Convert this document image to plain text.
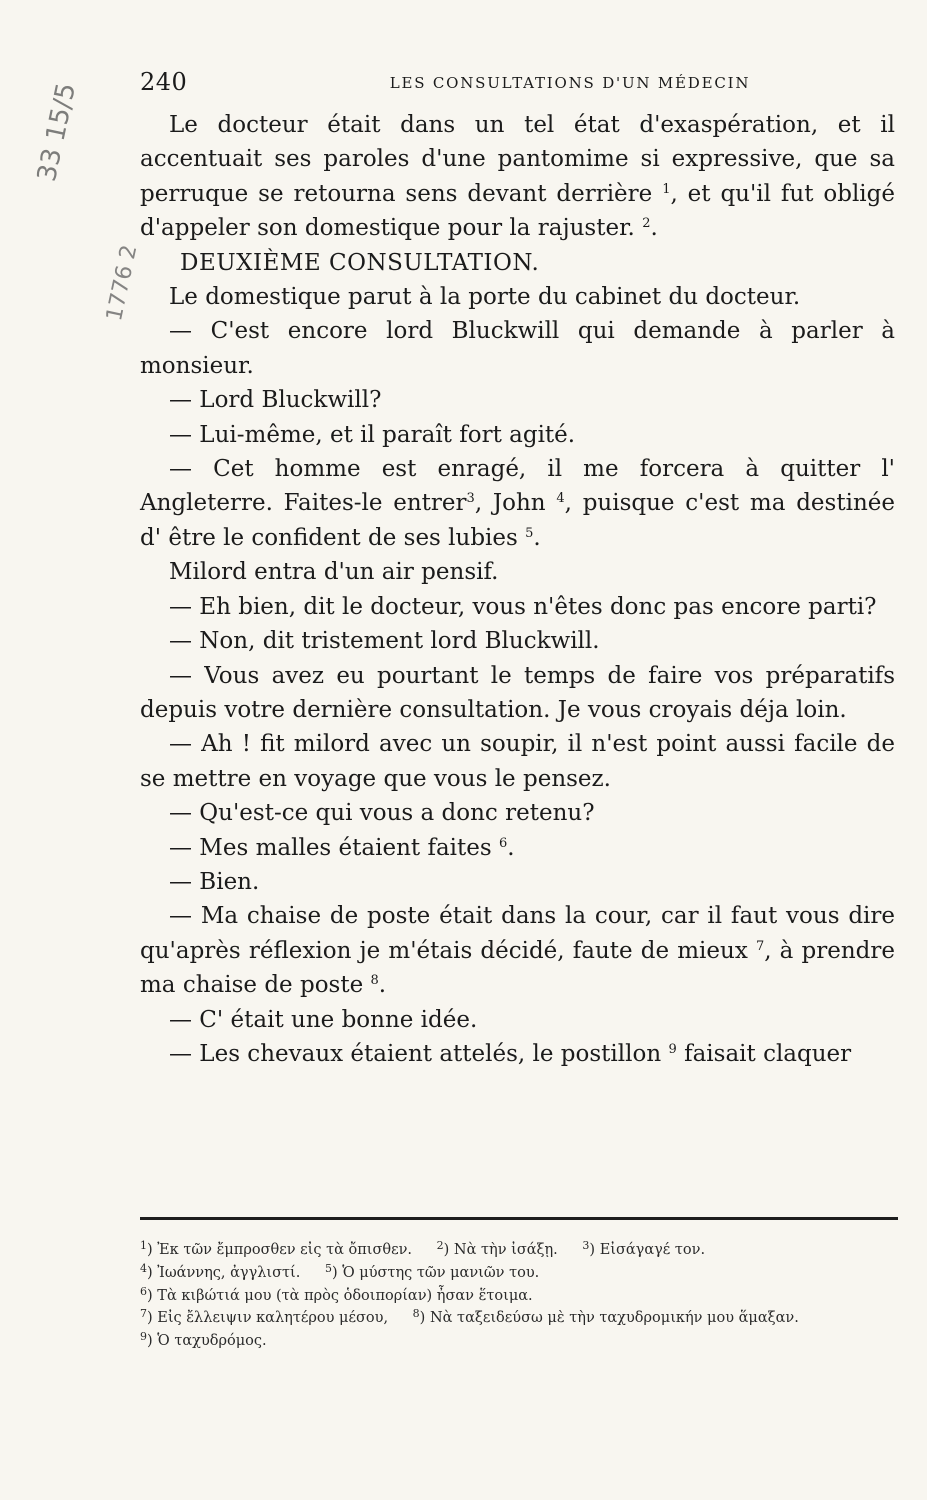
33 15/5
1776 2
240	LES CONSULTATIONS D'UN MÉDECIN

Le docteur était dans un tel état d'exaspération, et il accentuait ses paroles d'une pantomime si expressive, que sa perruque se retourna sens devant derrière $^1$, et qu'il fut obligé d'appeler son domestique pour la rajuster. $^2$.

DEUXIÈME CONSULTATION.

Le domestique parut à la porte du cabinet du docteur.

— C'est encore lord Bluckwill qui demande à parler à monsieur.

— Lord Bluckwill?

— Lui-même, et il paraît fort agité.

— Cet homme est enragé, il me forcera à quitter l' Angleterre. Faites-le entrer$^3$, John $^4$, puisque c'est ma destinée d' être le confident de ses lubies $^5$.

Milord entra d'un air pensif.

— Eh bien, dit le docteur, vous n'êtes donc pas encore parti?

— Non, dit tristement lord Bluckwill.

— Vous avez eu pourtant le temps de faire vos préparatifs depuis votre dernière consultation. Je vous croyais déja loin.

— Ah ! fit milord avec un soupir, il n'est point aussi facile de se mettre en voyage que vous le pensez.

— Qu'est-ce qui vous a donc retenu?

— Mes malles étaient faites $^6$.

— Bien.

— Ma chaise de poste était dans la cour, car il faut vous dire qu'après réflexion je m'étais décidé, faute de mieux $^7$, à prendre ma chaise de poste $^8$.

— C' était une bonne idée.

— Les chevaux étaient attelés, le postillon $^9$ faisait claquer

$^1$) Ἐκ τῶν ἔμπροσθεν εἰς τὰ ὄπισθεν. $^2$) Νὰ τὴν ἰσάξῃ. $^3$) Εἰσάγαγέ τον.

$^4$) Ἰωάννης, ἀγγλιστί. $^5$) Ὁ μύστης τῶν μανιῶν του.

$^6$) Τὰ κιβώτιά μου (τὰ πρὸς ὁδοιπορίαν) ἦσαν ἕτοιμα.

$^7$) Εἰς ἔλλειψιν καλητέρου μέσου, $^8$) Νὰ ταξειδεύσω μὲ τὴν ταχυδρομικήν μου ἅμαξαν.

$^9$) Ὁ ταχυδρόμος.
